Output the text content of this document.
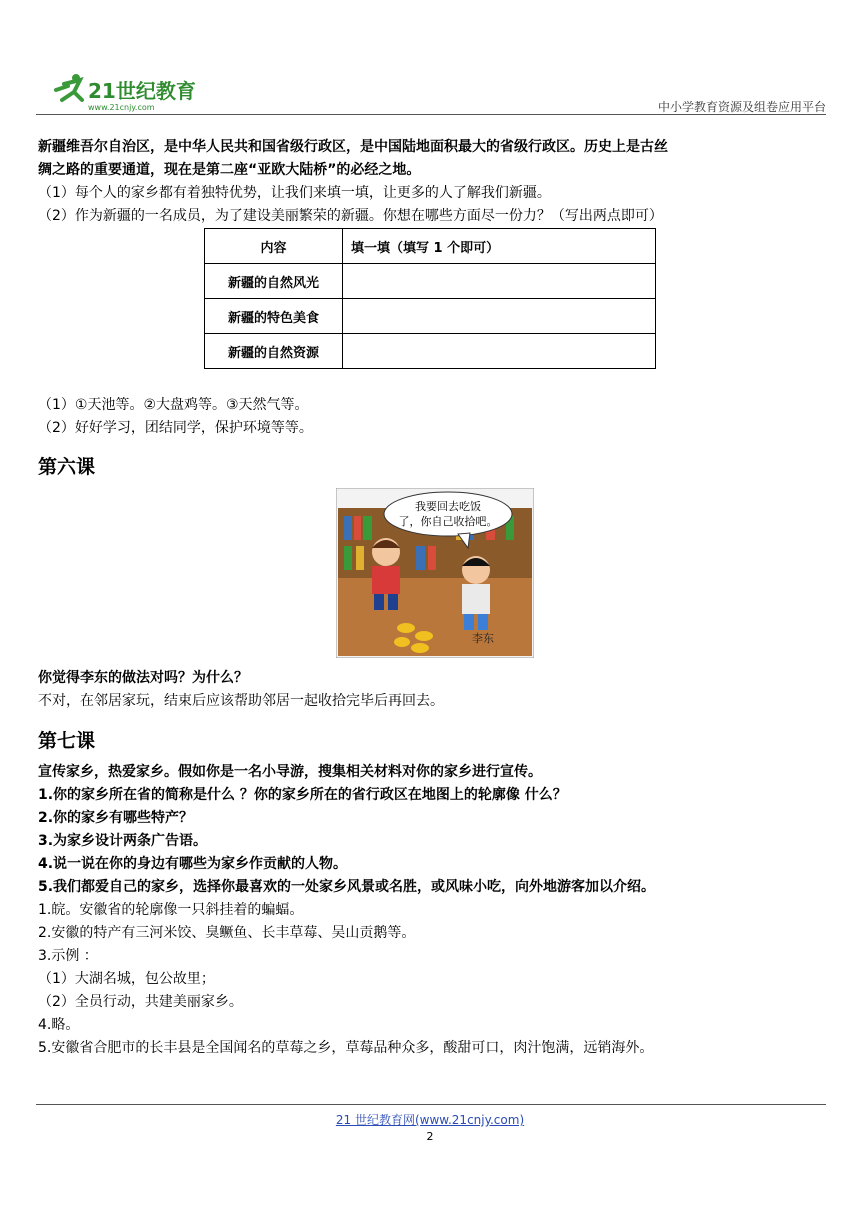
21世纪教育
www.21cnjy.com	中小学教育资源及组卷应用平台
新疆维吾尔自治区，是中华人民共和国省级行政区，是中国陆地面积最大的省级行政区。历史上是古丝
绸之路的重要通道，现在是第二座“亚欧大陆桥”的必经之地。
（1）每个人的家乡都有着独特优势，让我们来填一填，让更多的人了解我们新疆。
（2）作为新疆的一名成员，为了建设美丽繁荣的新疆。你想在哪些方面尽一份力？（写出两点即可）
内容	填一填（填写 1 个即可）
新疆的自然风光	
新疆的特色美食	
新疆的自然资源	
（1）①天池等。②大盘鸡等。③天然气等。
（2）好好学习，团结同学，保护环境等等。
第六课
我要回去吃饭
了，你自己收拾吧。
李东
你觉得李东的做法对吗？为什么？
不对，在邻居家玩，结束后应该帮助邻居一起收拾完毕后再回去。
第七课
宣传家乡，热爱家乡。假如你是一名小导游，搜集相关材料对你的家乡进行宣传。
1.你的家乡所在省的简称是什么 ？你的家乡所在的省行政区在地图上的轮廓像 什么？
2.你的家乡有哪些特产？
3.为家乡设计两条广告语。
4.说一说在你的身边有哪些为家乡作贡献的人物。
5.我们都爱自己的家乡，选择你最喜欢的一处家乡风景或名胜，或风味小吃，向外地游客加以介绍。
1.皖。安徽省的轮廓像一只斜挂着的蝙蝠。
2.安徽的特产有三河米饺、臭鳜鱼、长丰草莓、吴山贡鹅等。
3.示例 ：
（1）大湖名城，包公故里；
（2）全员行动，共建美丽家乡。
4.略。
5.安徽省合肥市的长丰县是全国闻名的草莓之乡，草莓品种众多，酸甜可口，肉汁饱满，远销海外。
21 世纪教育网(www.21cnjy.com)
2
